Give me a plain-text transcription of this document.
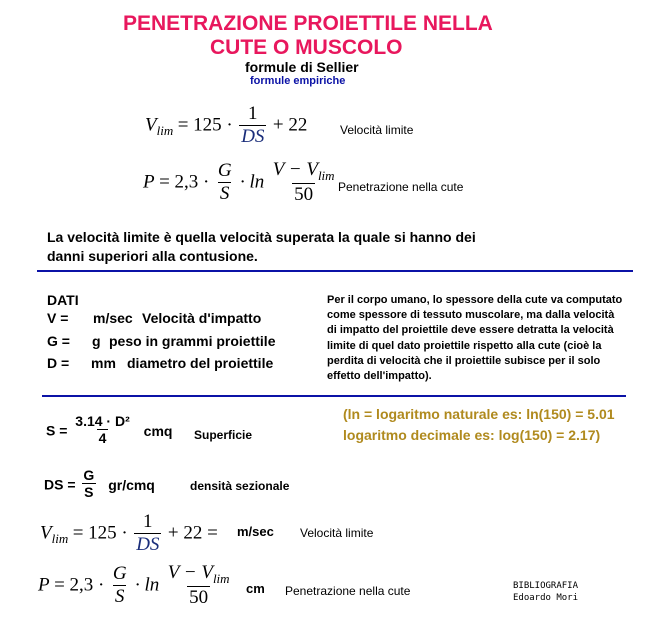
PENETRAZIONE PROIETTILE NELLA
CUTE O MUSCOLO
formule di Sellier
formule empiriche
$V_{lim} = 125 \cdot \frac{1}{DS} + 22$	Velocità limite
$P = 2,3 \cdot \frac{G}{S} \cdot \ln \frac{V - V_{lim}}{50}$ Penetrazione nella cute
La velocità limite è quella velocità superata la quale si hanno dei
danni superiori alla contusione.
DATI
V = m/sec Velocità d'impatto
G = g peso in grammi proiettile
D = mm diametro del proiettile
Per il corpo umano, lo spessore della cute va computato
come spessore di tessuto muscolare, ma dalla velocità
di impatto del proiettile deve essere detratta la velocità
limite di quel dato proiettile rispetto alla cute (cioè la
perdita di velocità che il proiettile subisce per il solo
effetto dell'impatto).
$S = \frac{\text{3.14 · D²}}{4}$ cmq Superficie
(ln = logaritmo naturale es: ln(150) = 5.01
logaritmo decimale es: log(150) = 2.17)
DS = $\frac{G}{S} gr/cmq$	densità sezionale
$V_{lim} = 125 \cdot \frac{1}{DS} + 22 = m/\sec$ Velocità limite
$P = 2,3 \cdot \frac{G}{S} \cdot \ln \frac{V - V_{lim}}{50}$ cm Penetrazione nella cute	BIBLIOGRAFIA
Edoardo Mori
